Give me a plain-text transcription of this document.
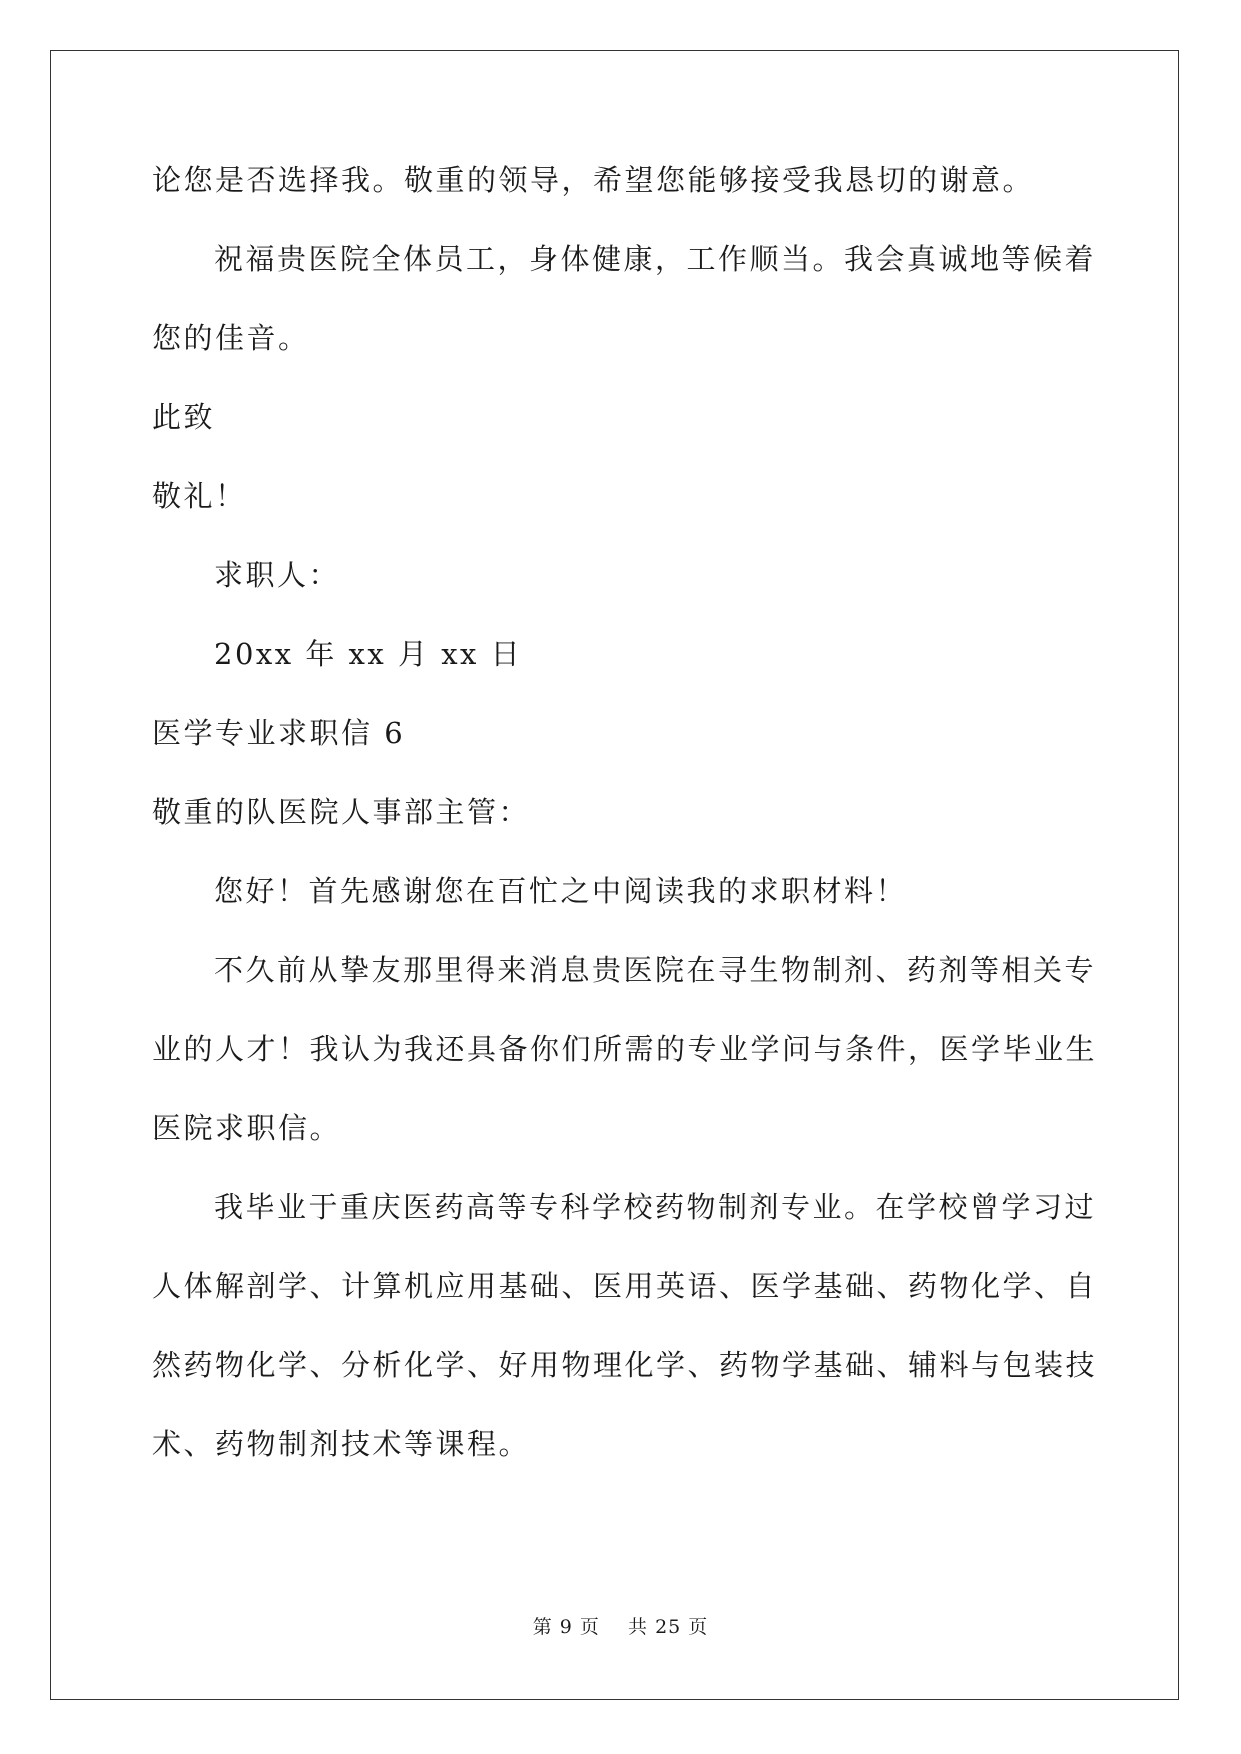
论您是否选择我。敬重的领导，希望您能够接受我恳切的谢意。
祝福贵医院全体员工，身体健康，工作顺当。我会真诚地等候着
您的佳音。
此致
敬礼！
求职人：
20xx 年 xx 月 xx 日
医学专业求职信 6
敬重的队医院人事部主管：
您好！首先感谢您在百忙之中阅读我的求职材料！
不久前从挚友那里得来消息贵医院在寻生物制剂、药剂等相关专
业的人才！我认为我还具备你们所需的专业学问与条件，医学毕业生
医院求职信。
我毕业于重庆医药高等专科学校药物制剂专业。在学校曾学习过
人体解剖学、计算机应用基础、医用英语、医学基础、药物化学、自
然药物化学、分析化学、好用物理化学、药物学基础、辅料与包装技
术、药物制剂技术等课程。
第 9 页    共 25 页
